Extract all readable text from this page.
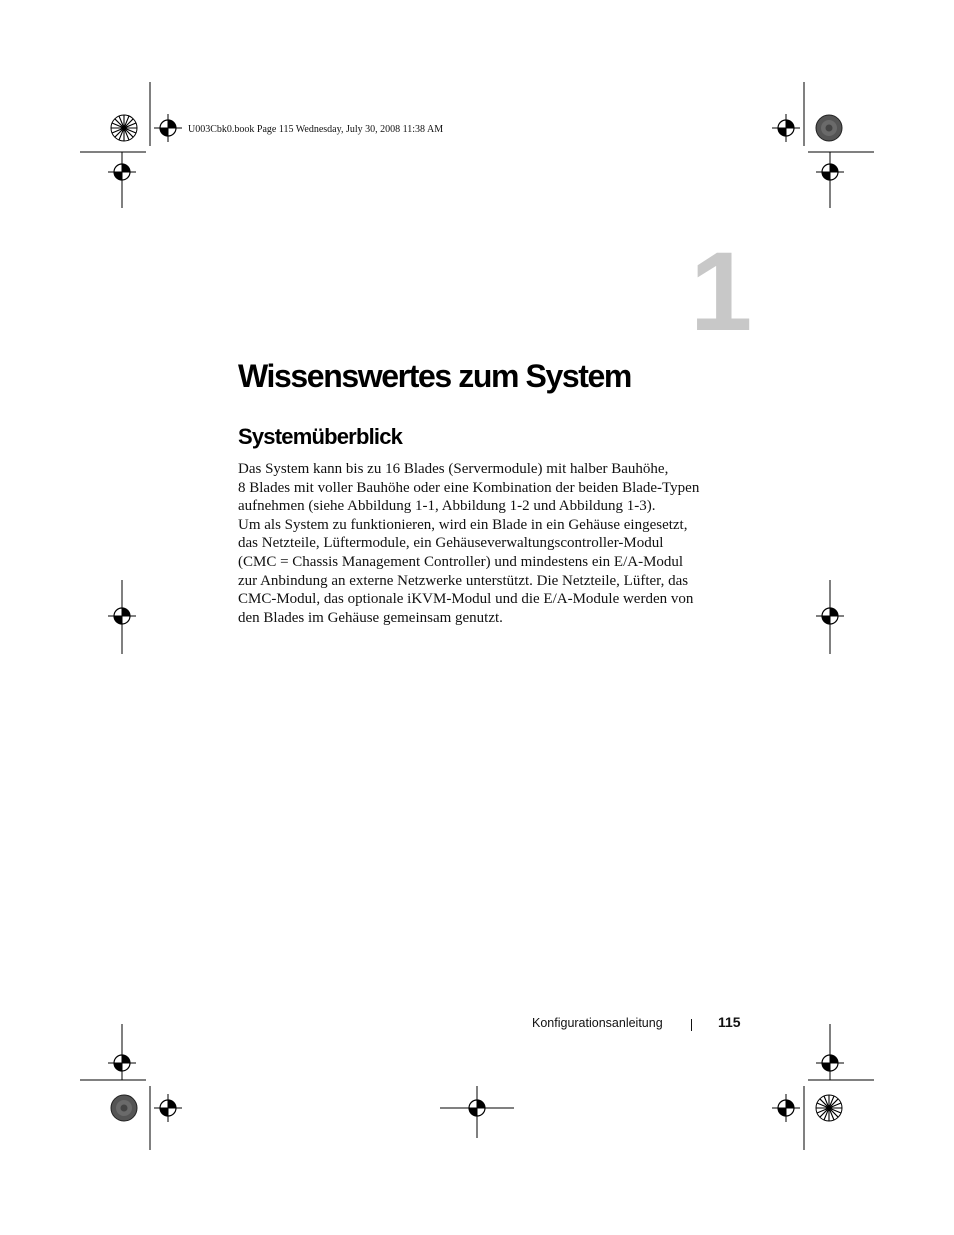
U003Cbk0.book Page 115 Wednesday, July 30, 2008 11:38 AM
1
Wissenswertes zum System
Systemüberblick

Das System kann bis zu 16 Blades (Servermodule) mit halber Bauhöhe,
8 Blades mit voller Bauhöhe oder eine Kombination der beiden Blade-Typen
aufnehmen (siehe Abbildung 1-1, Abbildung 1-2 und Abbildung 1-3).

Um als System zu funktionieren, wird ein Blade in ein Gehäuse eingesetzt,
das Netzteile, Lüftermodule, ein Gehäuseverwaltungscontroller-Modul
(CMC = Chassis Management Controller) und mindestens ein E/A-Modul
zur Anbindung an externe Netzwerke unterstützt. Die Netzteile, Lüfter, das
CMC-Modul, das optionale iKVM-Modul und die E/A-Module werden von
den Blades im Gehäuse gemeinsam genutzt.

Konfigurationsanleitung	115
